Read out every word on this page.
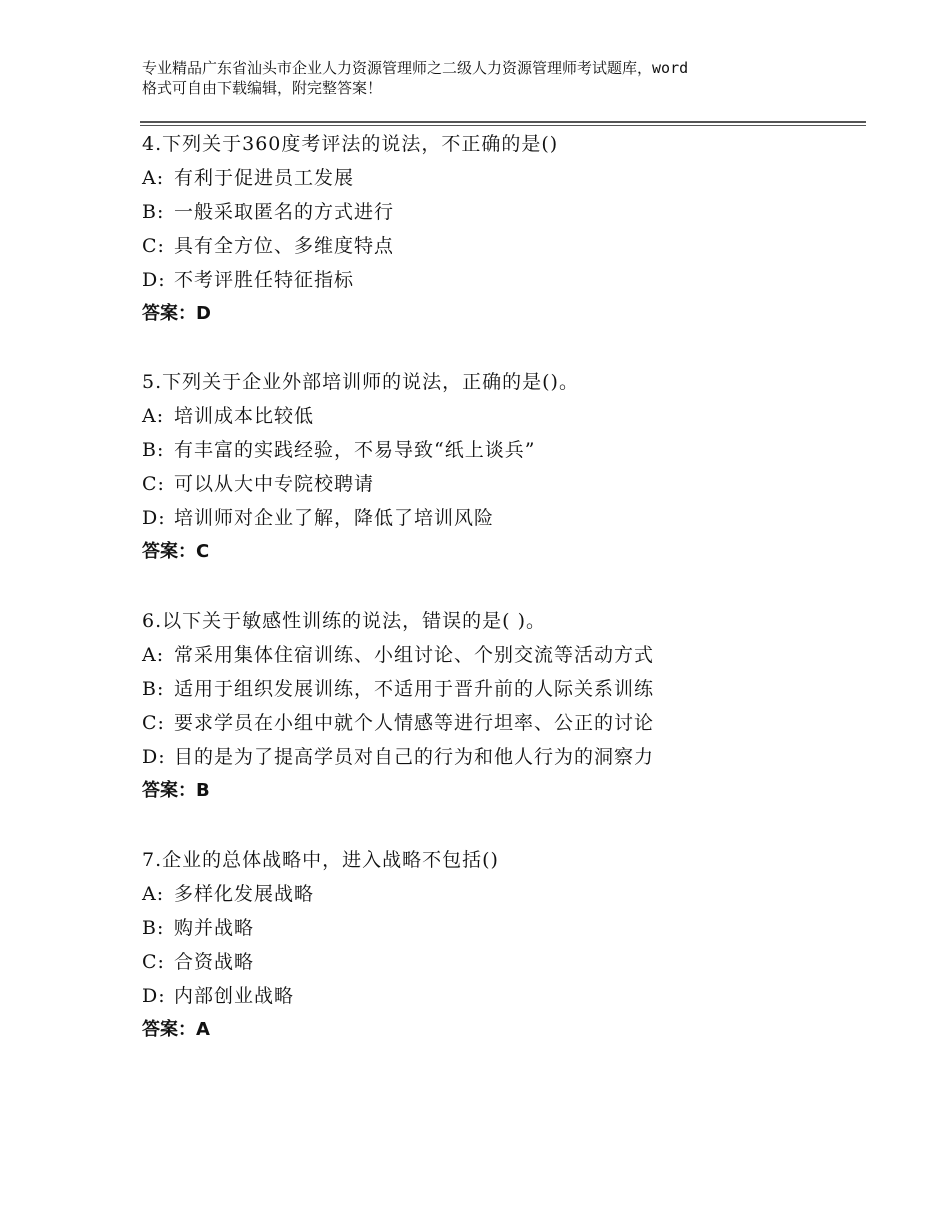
专业精品广东省汕头市企业人力资源管理师之二级人力资源管理师考试题库，word
格式可自由下载编辑，附完整答案！
4.下列关于360度考评法的说法，不正确的是()
A: 有利于促进员工发展
B: 一般采取匿名的方式进行
C: 具有全方位、多维度特点
D: 不考评胜任特征指标
答案：D
5.下列关于企业外部培训师的说法，正确的是()。
A: 培训成本比较低
B: 有丰富的实践经验，不易导致“纸上谈兵”
C: 可以从大中专院校聘请
D: 培训师对企业了解，降低了培训风险
答案：C
6.以下关于敏感性训练的说法，错误的是( )。
A: 常采用集体住宿训练、小组讨论、个别交流等活动方式
B: 适用于组织发展训练，不适用于晋升前的人际关系训练
C: 要求学员在小组中就个人情感等进行坦率、公正的讨论
D: 目的是为了提高学员对自己的行为和他人行为的洞察力
答案：B
7.企业的总体战略中，进入战略不包括()
A: 多样化发展战略
B: 购并战略
C: 合资战略
D: 内部创业战略
答案：A
